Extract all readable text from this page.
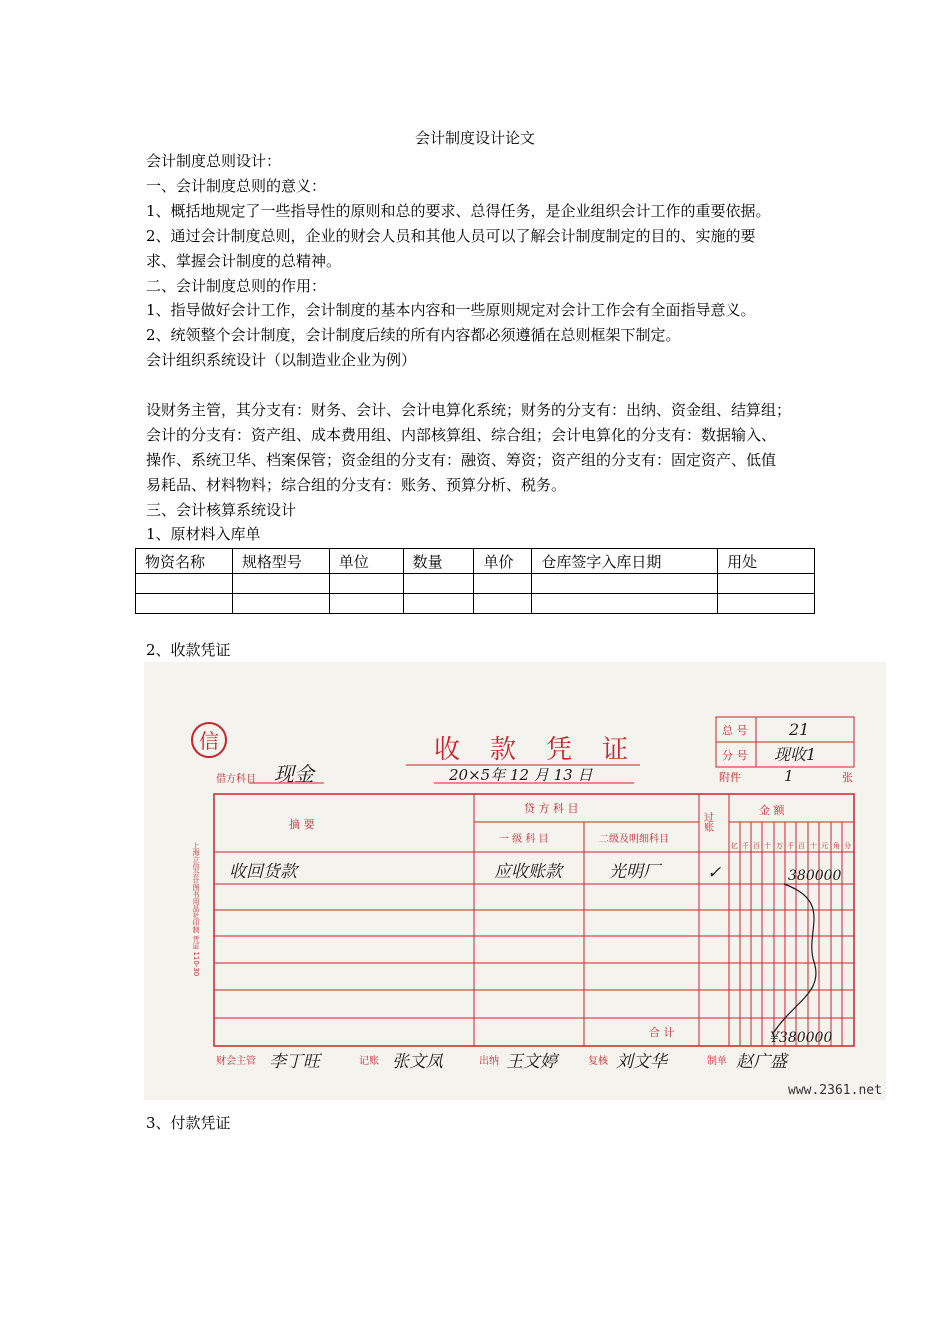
会计制度设计论文
会计制度总则设计：
一、会计制度总则的意义：
1、概括地规定了一些指导性的原则和总的要求、总得任务，是企业组织会计工作的重要依据。
2、通过会计制度总则，企业的财会人员和其他人员可以了解会计制度制定的目的、实施的要
求、掌握会计制度的总精神。
二、会计制度总则的作用：
1、指导做好会计工作，会计制度的基本内容和一些原则规定对会计工作会有全面指导意义。
2、统领整个会计制度，会计制度后续的所有内容都必须遵循在总则框架下制定。
会计组织系统设计（以制造业企业为例）
设财务主管，其分支有：财务、会计、会计电算化系统；财务的分支有：出纳、资金组、结算组；
会计的分支有：资产组、成本费用组、内部核算组、综合组；会计电算化的分支有：数据输入、
操作、系统卫华、档案保管；资金组的分支有：融资、筹资；资产组的分支有：固定资产、低值
易耗品、材料物料；综合组的分支有：账务、预算分析、税务。
三、会计核算系统设计
1、原材料入库单
物资名称	规格型号	单位	数量	单价	仓库签字入库日期	用处

2、收款凭证
信	收款凭证
总 号	21
分 号 现收1
借方科目 现金	20×5年 12 月 13 日	附件	1	张
摘 要
贷 方 科 目
一 级 科 目	二级及明细科目
过账
金 额
亿 千 百 十 万 千 百 十 元 角 分
收回货款	应收账款	光明厂	✓	380000
合 计	¥380000
上海立信会计图书用品社印制 凭证 110-30
财会主管 李丁旺	记账 张文凤	出纳 王文婷	复核 刘文华	制单 赵广盛
www.2361.net
3、付款凭证
